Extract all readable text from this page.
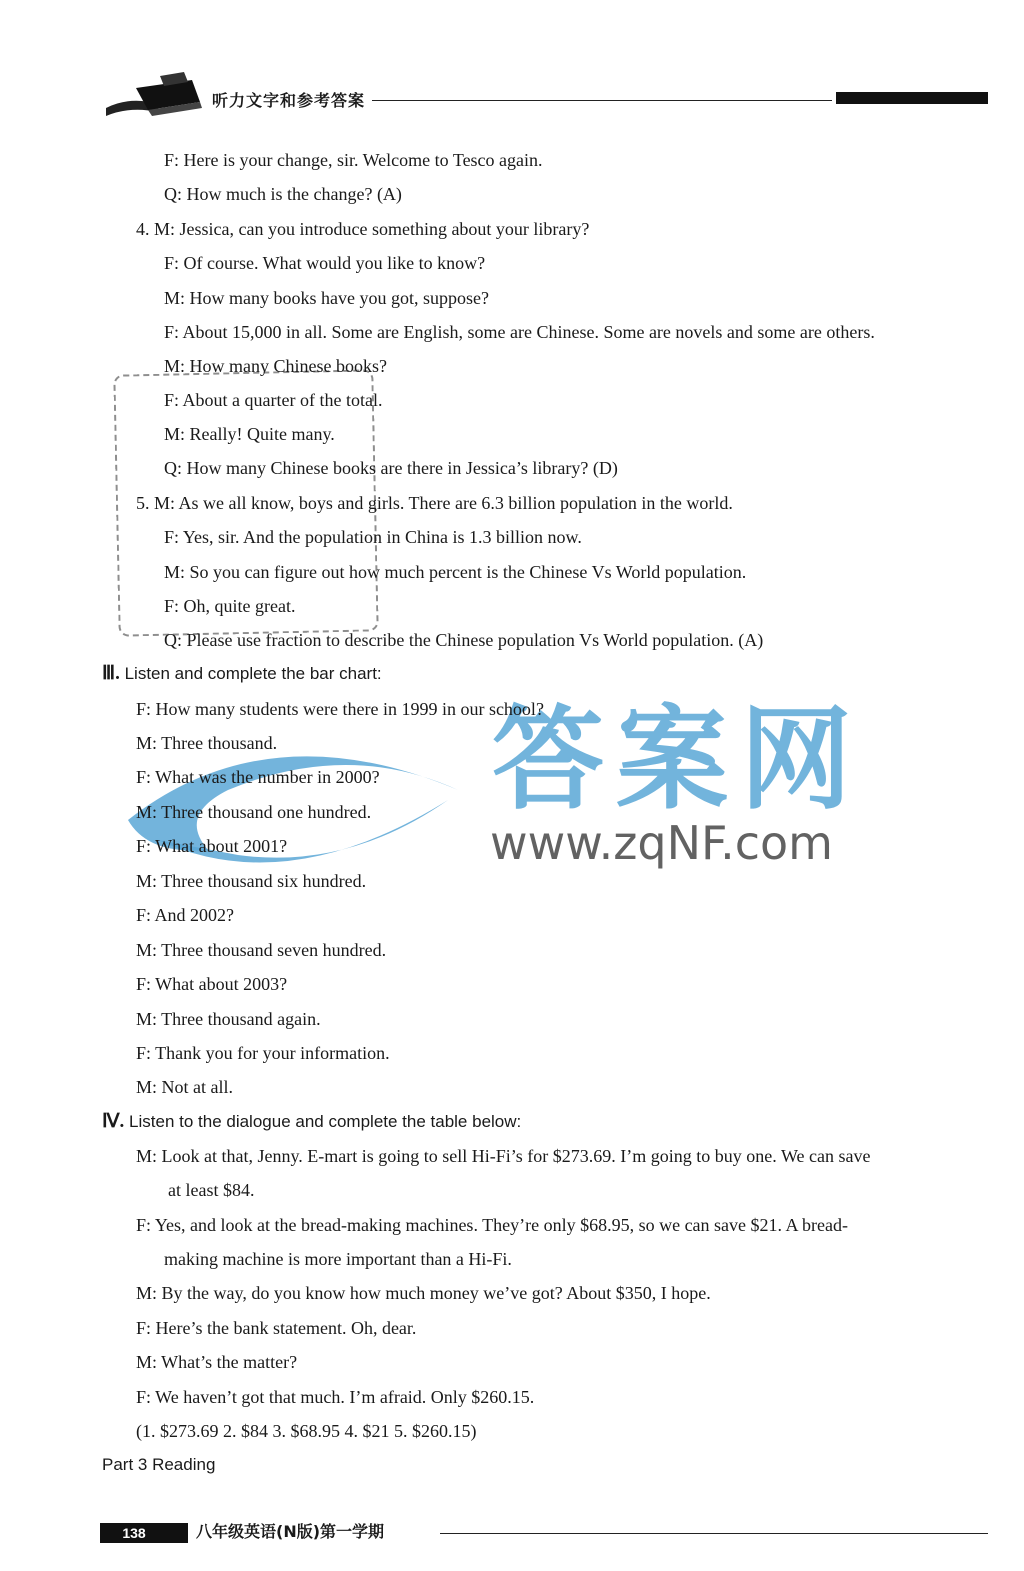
听力文字和参考答案
答案网
www.zqNF.com
F: Here is your change, sir. Welcome to Tesco again.
Q: How much is the change? (A)
4. M: Jessica, can you introduce something about your library?
F: Of course. What would you like to know?
M: How many books have you got, suppose?
F: About 15,000 in all. Some are English, some are Chinese. Some are novels and some are others.
M: How many Chinese books?
F: About a quarter of the total.
M: Really! Quite many.
Q: How many Chinese books are there in Jessica’s library? (D)
5. M: As we all know, boys and girls. There are 6.3 billion population in the world.
F: Yes, sir. And the population in China is 1.3 billion now.
M: So you can figure out how much percent is the Chinese Vs World population.
F: Oh, quite great.
Q: Please use fraction to describe the Chinese population Vs World population. (A)
Ⅲ. Listen and complete the bar chart:
F: How many students were there in 1999 in our school?
M: Three thousand.
F: What was the number in 2000?
M: Three thousand one hundred.
F: What about 2001?
M: Three thousand six hundred.
F: And 2002?
M: Three thousand seven hundred.
F: What about 2003?
M: Three thousand again.
F: Thank you for your information.
M: Not at all.
Ⅳ. Listen to the dialogue and complete the table below:
M: Look at that, Jenny. E-mart is going to sell Hi-Fi’s for $273.69. I’m going to buy one. We can save
at least $84.
F: Yes, and look at the bread-making machines. They’re only $68.95, so we can save $21. A bread-
making machine is more important than a Hi-Fi.
M: By the way, do you know how much money we’ve got? About $350, I hope.
F: Here’s the bank statement. Oh, dear.
M: What’s the matter?
F: We haven’t got that much. I’m afraid. Only $260.15.
(1. $273.69 2. $84 3. $68.95 4. $21 5. $260.15)
Part 3 Reading
138	八年级英语(N版)第一学期
